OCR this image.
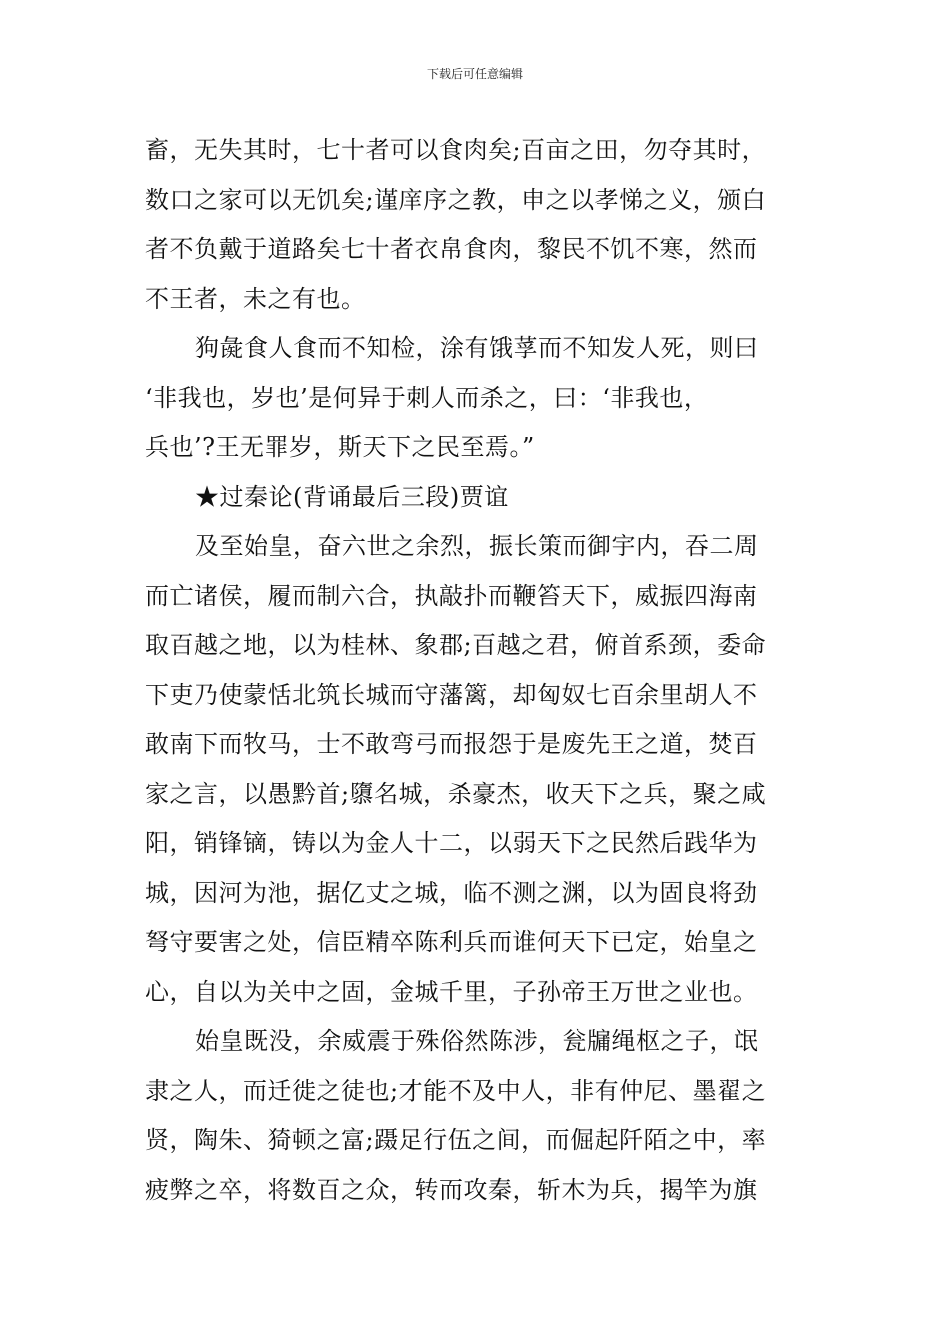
下载后可任意编辑
畜，无失其时，七十者可以食肉矣;百亩之田，勿夺其时，
数口之家可以无饥矣;谨庠序之教，申之以孝悌之义，颁白
者不负戴于道路矣七十者衣帛食肉，黎民不饥不寒，然而
不王者，未之有也。
狗彘食人食而不知检，涂有饿莩而不知发人死，则曰
‘非我也，岁也’是何异于刺人而杀之，曰：‘非我也，
兵也’?王无罪岁，斯天下之民至焉。”
★过秦论(背诵最后三段)贾谊
及至始皇，奋六世之余烈，振长策而御宇内，吞二周
而亡诸侯，履而制六合，执敲扑而鞭笞天下，威振四海南
取百越之地，以为桂林、象郡;百越之君，俯首系颈，委命
下吏乃使蒙恬北筑长城而守藩篱，却匈奴七百余里胡人不
敢南下而牧马，士不敢弯弓而报怨于是废先王之道，焚百
家之言，以愚黔首;隳名城，杀豪杰，收天下之兵，聚之咸
阳，销锋镝，铸以为金人十二，以弱天下之民然后践华为
城，因河为池，据亿丈之城，临不测之渊，以为固良将劲
弩守要害之处，信臣精卒陈利兵而谁何天下已定，始皇之
心，自以为关中之固，金城千里，子孙帝王万世之业也。
始皇既没，余威震于殊俗然陈涉，瓮牖绳枢之子，氓
隶之人，而迁徙之徒也;才能不及中人，非有仲尼、墨翟之
贤，陶朱、猗顿之富;蹑足行伍之间，而倔起阡陌之中，率
疲弊之卒，将数百之众，转而攻秦，斩木为兵，揭竿为旗
